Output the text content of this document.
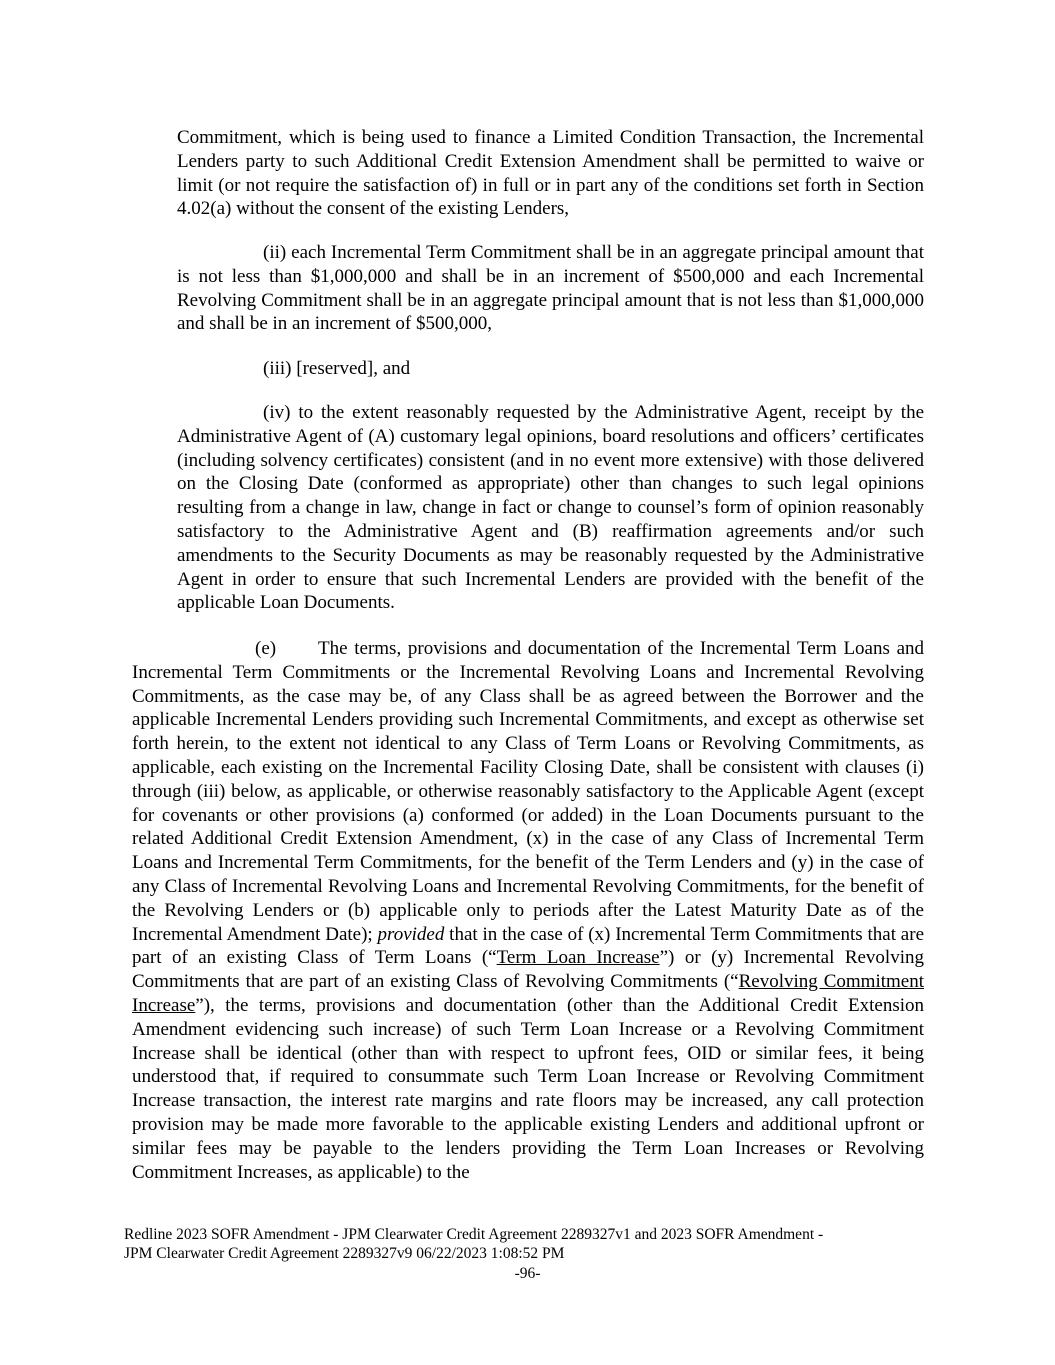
Commitment, which is being used to finance a Limited Condition Transaction, the Incremental Lenders party to such Additional Credit Extension Amendment shall be permitted to waive or limit (or not require the satisfaction of) in full or in part any of the conditions set forth in Section 4.02(a) without the consent of the existing Lenders,

(ii) each Incremental Term Commitment shall be in an aggregate principal amount that is not less than $1,000,000 and shall be in an increment of $500,000 and each Incremental Revolving Commitment shall be in an aggregate principal amount that is not less than $1,000,000 and shall be in an increment of $500,000,

(iii) [reserved], and

(iv) to the extent reasonably requested by the Administrative Agent, receipt by the Administrative Agent of (A) customary legal opinions, board resolutions and officers’ certificates (including solvency certificates) consistent (and in no event more extensive) with those delivered on the Closing Date (conformed as appropriate) other than changes to such legal opinions resulting from a change in law, change in fact or change to counsel’s form of opinion reasonably satisfactory to the Administrative Agent and (B) reaffirmation agreements and/or such amendments to the Security Documents as may be reasonably requested by the Administrative Agent in order to ensure that such Incremental Lenders are provided with the benefit of the applicable Loan Documents.

(e) The terms, provisions and documentation of the Incremental Term Loans and Incremental Term Commitments or the Incremental Revolving Loans and Incremental Revolving Commitments, as the case may be, of any Class shall be as agreed between the Borrower and the applicable Incremental Lenders providing such Incremental Commitments, and except as otherwise set forth herein, to the extent not identical to any Class of Term Loans or Revolving Commitments, as applicable, each existing on the Incremental Facility Closing Date, shall be consistent with clauses (i) through (iii) below, as applicable, or otherwise reasonably satisfactory to the Applicable Agent (except for covenants or other provisions (a) conformed (or added) in the Loan Documents pursuant to the related Additional Credit Extension Amendment, (x) in the case of any Class of Incremental Term Loans and Incremental Term Commitments, for the benefit of the Term Lenders and (y) in the case of any Class of Incremental Revolving Loans and Incremental Revolving Commitments, for the benefit of the Revolving Lenders or (b) applicable only to periods after the Latest Maturity Date as of the Incremental Amendment Date); provided that in the case of (x) Incremental Term Commitments that are part of an existing Class of Term Loans (“Term Loan Increase”) or (y) Incremental Revolving Commitments that are part of an existing Class of Revolving Commitments (“Revolving Commitment Increase”), the terms, provisions and documentation (other than the Additional Credit Extension Amendment evidencing such increase) of such Term Loan Increase or a Revolving Commitment Increase shall be identical (other than with respect to upfront fees, OID or similar fees, it being understood that, if required to consummate such Term Loan Increase or Revolving Commitment Increase transaction, the interest rate margins and rate floors may be increased, any call protection provision may be made more favorable to the applicable existing Lenders and additional upfront or similar fees may be payable to the lenders providing the Term Loan Increases or Revolving Commitment Increases, as applicable) to the

Redline 2023 SOFR Amendment - JPM Clearwater Credit Agreement 2289327v1 and 2023 SOFR Amendment -
JPM Clearwater Credit Agreement 2289327v9 06/22/2023 1:08:52 PM
-96-
